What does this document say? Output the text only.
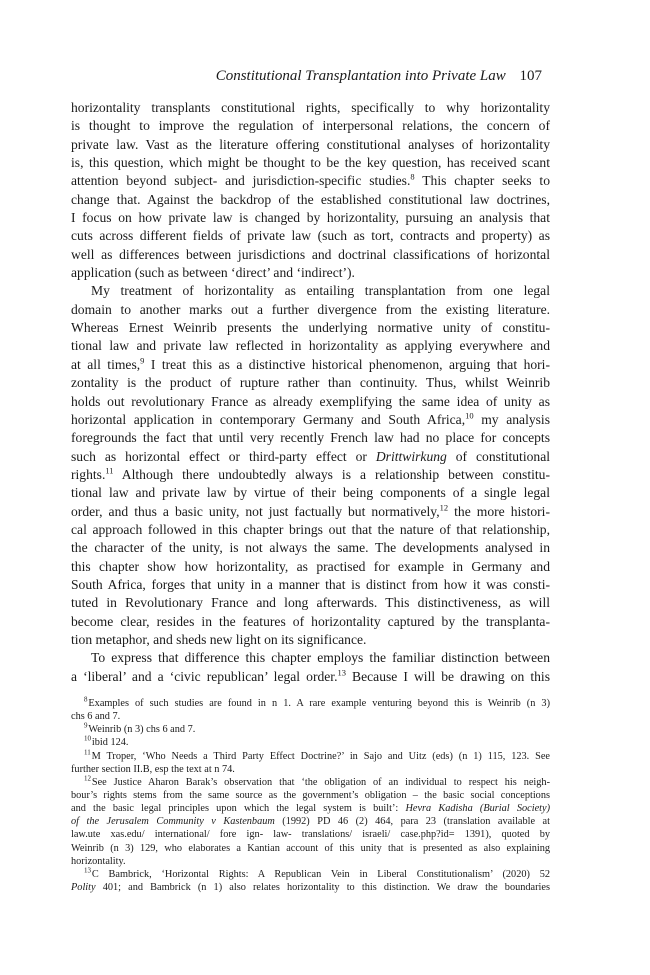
Constitutional Transplantation into Private Law 107
horizontality transplants constitutional rights, specifically to why horizontality
is thought to improve the regulation of interpersonal relations, the concern of
private law. Vast as the literature offering constitutional analyses of horizontality
is, this question, which might be thought to be the key question, has received scant
attention beyond subject- and jurisdiction-specific studies.$^8$ This chapter seeks to
change that. Against the backdrop of the established constitutional law doctrines,
I focus on how private law is changed by horizontality, pursuing an analysis that
cuts across different fields of private law (such as tort, contracts and property) as
well as differences between jurisdictions and doctrinal classifications of horizontal
application (such as between ‘direct’ and ‘indirect’).
My treatment of horizontality as entailing transplantation from one legal
domain to another marks out a further divergence from the existing literature.
Whereas Ernest Weinrib presents the underlying normative unity of constitu-
tional law and private law reflected in horizontality as applying everywhere and
at all times,$^9$ I treat this as a distinctive historical phenomenon, arguing that hori-
zontality is the product of rupture rather than continuity. Thus, whilst Weinrib
holds out revolutionary France as already exemplifying the same idea of unity as
horizontal application in contemporary Germany and South Africa,$^{10}$ my analysis
foregrounds the fact that until very recently French law had no place for concepts
such as horizontal effect or third-party effect or Drittwirkung of constitutional
rights.$^{11}$ Although there undoubtedly always is a relationship between constitu-
tional law and private law by virtue of their being components of a single legal
order, and thus a basic unity, not just factually but normatively,$^{12}$ the more histori-
cal approach followed in this chapter brings out that the nature of that relationship,
the character of the unity, is not always the same. The developments analysed in
this chapter show how horizontality, as practised for example in Germany and
South Africa, forges that unity in a manner that is distinct from how it was consti-
tuted in Revolutionary France and long afterwards. This distinctiveness, as will
become clear, resides in the features of horizontality captured by the transplanta-
tion metaphor, and sheds new light on its significance.
To express that difference this chapter employs the familiar distinction between
a ‘liberal’ and a ‘civic republican’ legal order.$^{13}$ Because I will be drawing on this
$^8$ Examples of such studies are found in n 1. A rare example venturing beyond this is Weinrib (n 3)
chs 6 and 7.
$^9$ Weinrib (n 3) chs 6 and 7.
$^{10}$ ibid 124.
$^{11}$ M Troper, ‘Who Needs a Third Party Effect Doctrine?’ in Sajo and Uitz (eds) (n 1) 115, 123. See
further section II.B, esp the text at n 74.
$^{12}$ See Justice Aharon Barak’s observation that ‘the obligation of an individual to respect his neigh-
bour’s rights stems from the same source as the government’s obligation – the basic social conceptions
and the basic legal principles upon which the legal system is built’: Hevra Kadisha (Burial Society)
of the Jerusalem Community v Kastenbaum (1992) PD 46 (2) 464, para 23 (translation available at
law.ute xas.edu/ international/ fore ign- law- translations/ israeli/ case.php?id= 1391), quoted by
Weinrib (n 3) 129, who elaborates a Kantian account of this unity that is presented as also explaining
horizontality.
$^{13}$ C Bambrick, ‘Horizontal Rights: A Republican Vein in Liberal Constitutionalism’ (2020) 52
Polity 401; and Bambrick (n 1) also relates horizontality to this distinction. We draw the boundaries
